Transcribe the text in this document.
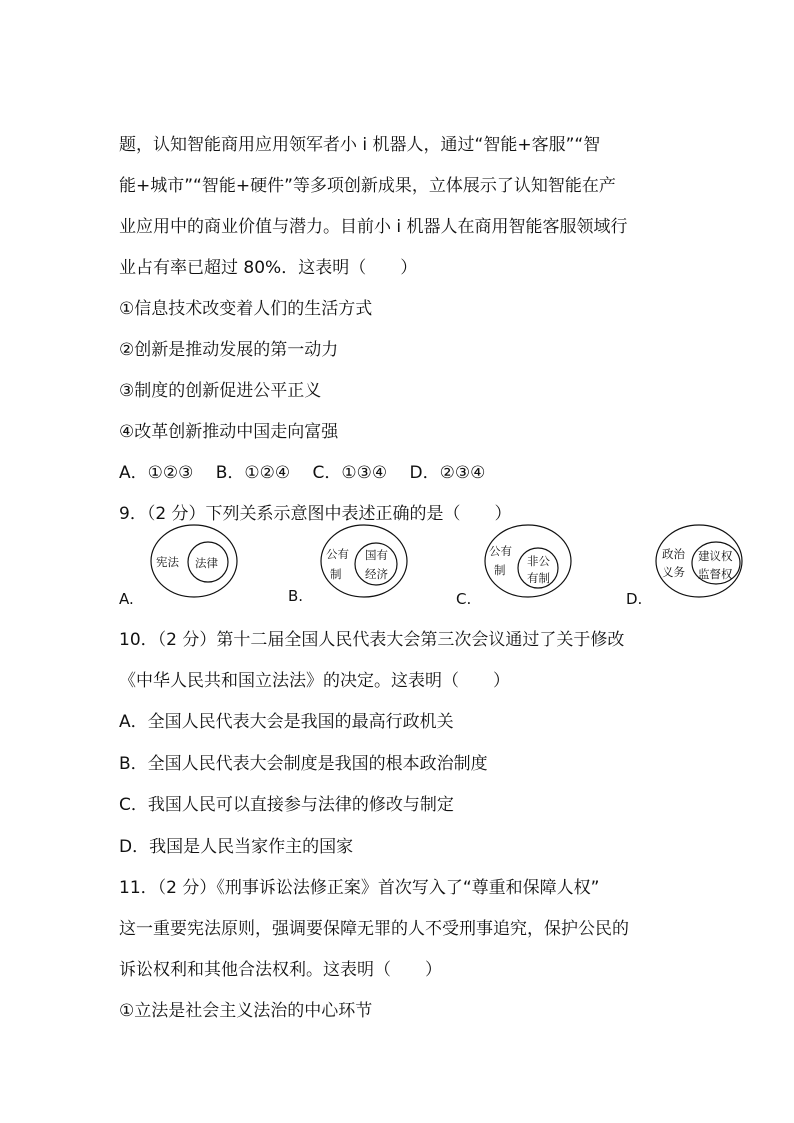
题，认知智能商用应用领军者小 i 机器人，通过“智能+客服”“智
能+城市”“智能+硬件”等多项创新成果，立体展示了认知智能在产
业应用中的商业价值与潜力。目前小 i 机器人在商用智能客服领域行
业占有率已超过 80%．这表明（　　）
①信息技术改变着人们的生活方式
②创新是推动发展的第一动力
③制度的创新促进公平正义
④改革创新推动中国走向富强
A．①②③　 B．①②④　 C．①③④　 D．②③④
9．（2 分）下列关系示意图中表述正确的是（　　）
宪法 法律
A.
公有
制
国有
经济
B.
公有
制
非公
有制
C.
政治
义务
建议权
监督权
D.
10．（2 分）第十二届全国人民代表大会第三次会议通过了关于修改
《中华人民共和国立法法》的决定。这表明（　　）
A．全国人民代表大会是我国的最高行政机关
B．全国人民代表大会制度是我国的根本政治制度
C．我国人民可以直接参与法律的修改与制定
D．我国是人民当家作主的国家
11．（2 分）《刑事诉讼法修正案》首次写入了“尊重和保障人权”
这一重要宪法原则，强调要保障无罪的人不受刑事追究，保护公民的
诉讼权利和其他合法权利。这表明（　　）
①立法是社会主义法治的中心环节
